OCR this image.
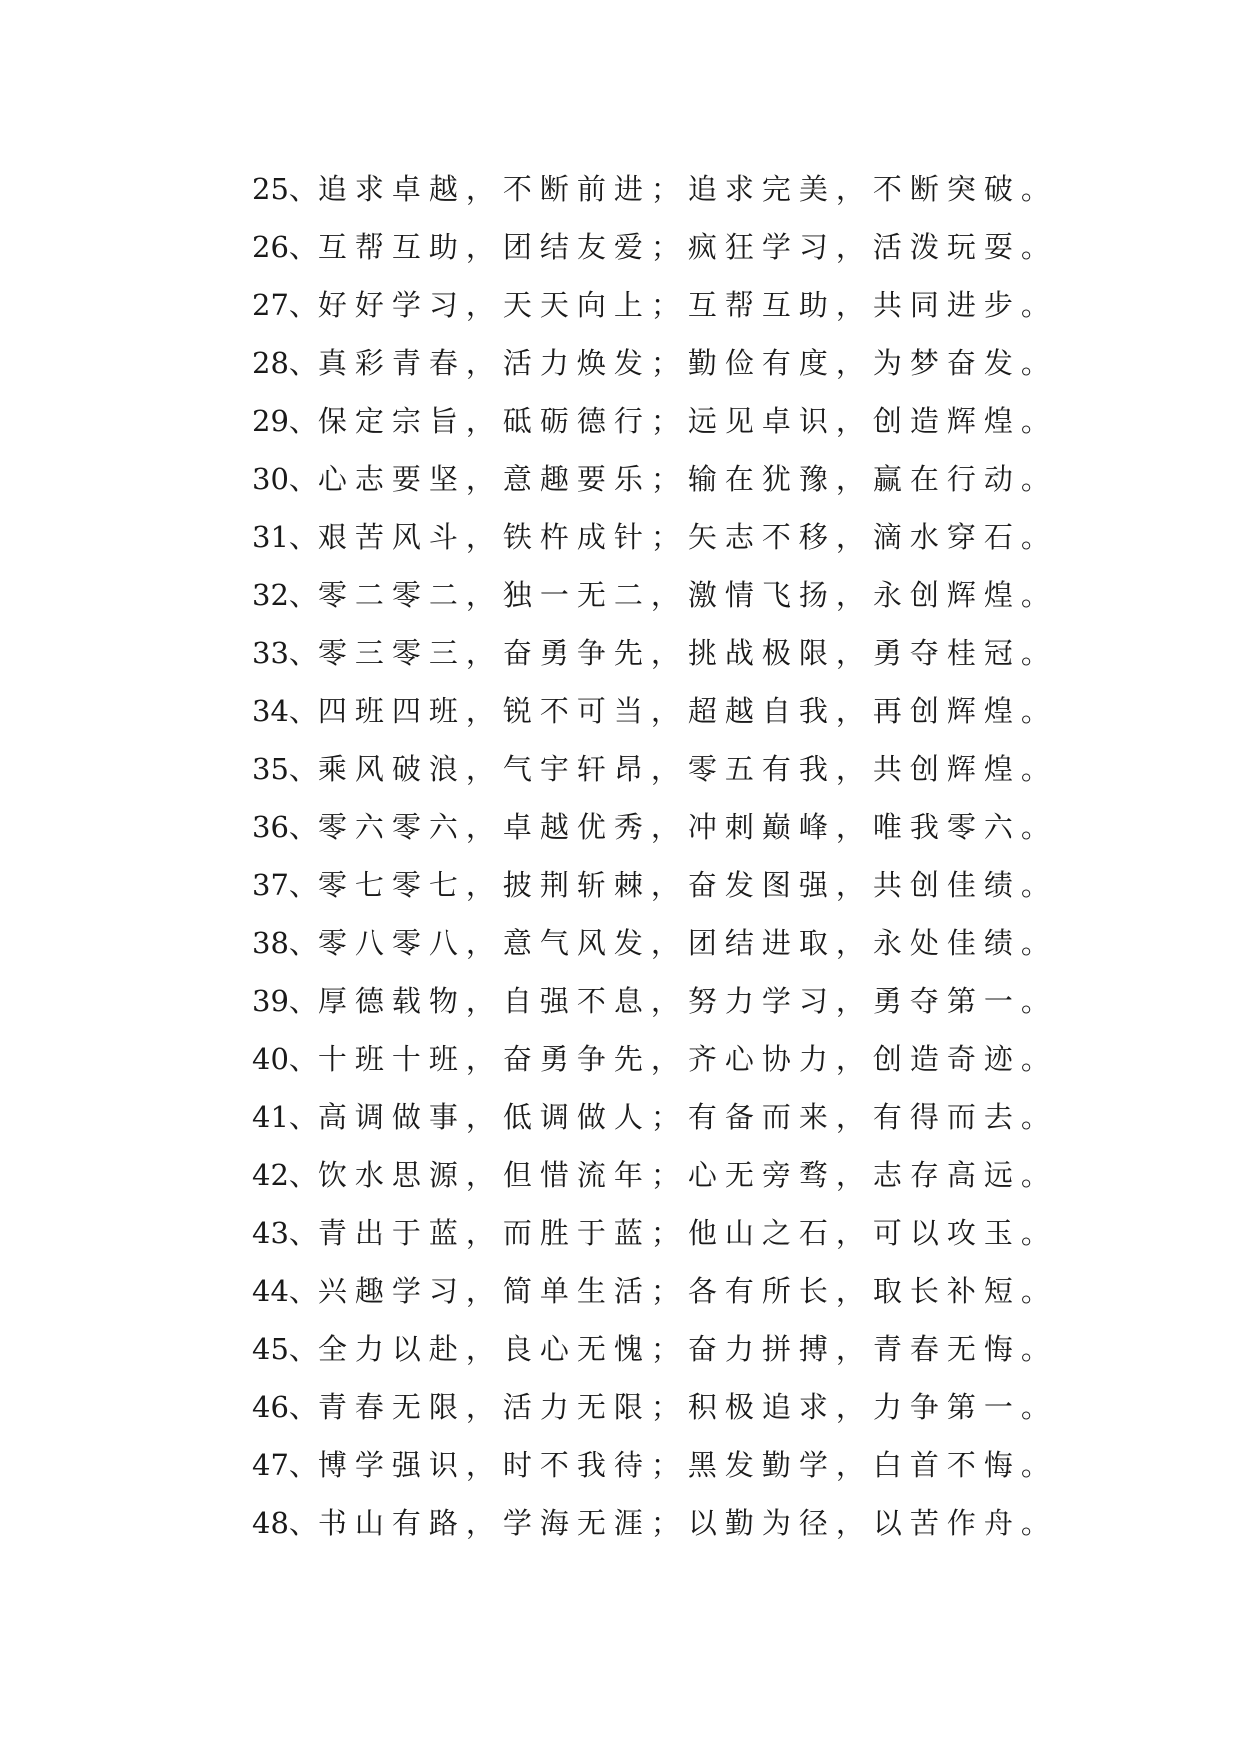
25、追求卓越，不断前进；追求完美，不断突破。
26、互帮互助，团结友爱；疯狂学习，活泼玩耍。
27、好好学习，天天向上；互帮互助，共同进步。
28、真彩青春，活力焕发；勤俭有度，为梦奋发。
29、保定宗旨，砥砺德行；远见卓识，创造辉煌。
30、心志要坚，意趣要乐；输在犹豫，赢在行动。
31、艰苦风斗，铁杵成针；矢志不移，滴水穿石。
32、零二零二，独一无二，激情飞扬，永创辉煌。
33、零三零三，奋勇争先，挑战极限，勇夺桂冠。
34、四班四班，锐不可当，超越自我，再创辉煌。
35、乘风破浪，气宇轩昂，零五有我，共创辉煌。
36、零六零六，卓越优秀，冲刺巅峰，唯我零六。
37、零七零七，披荆斩棘，奋发图强，共创佳绩。
38、零八零八，意气风发，团结进取，永处佳绩。
39、厚德载物，自强不息，努力学习，勇夺第一。
40、十班十班，奋勇争先，齐心协力，创造奇迹。
41、高调做事，低调做人；有备而来，有得而去。
42、饮水思源，但惜流年；心无旁骛，志存高远。
43、青出于蓝，而胜于蓝；他山之石，可以攻玉。
44、兴趣学习，简单生活；各有所长，取长补短。
45、全力以赴，良心无愧；奋力拼搏，青春无悔。
46、青春无限，活力无限；积极追求，力争第一。
47、博学强识，时不我待；黑发勤学，白首不悔。
48、书山有路，学海无涯；以勤为径，以苦作舟。
